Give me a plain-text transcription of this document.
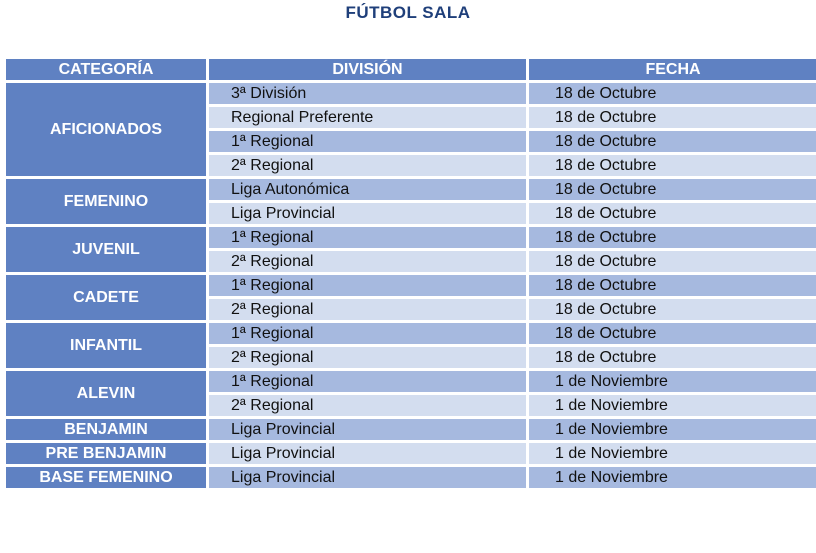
FÚTBOL SALA
CATEGORÍA	DIVISIÓN	FECHA
AFICIONADOS	3ª División	18 de Octubre
	Regional Preferente	18 de Octubre
	1ª Regional	18 de Octubre
	2ª Regional	18 de Octubre
FEMENINO	Liga Autonómica	18 de Octubre
	Liga Provincial	18 de Octubre
JUVENIL	1ª Regional	18 de Octubre
	2ª Regional	18 de Octubre
CADETE	1ª Regional	18 de Octubre
	2ª Regional	18 de Octubre
INFANTIL	1ª Regional	18 de Octubre
	2ª Regional	18 de Octubre
ALEVIN	1ª Regional	1 de Noviembre
	2ª Regional	1 de Noviembre
BENJAMIN	Liga Provincial	1 de Noviembre
PRE BENJAMIN	Liga Provincial	1 de Noviembre
BASE FEMENINO	Liga Provincial	1 de Noviembre
